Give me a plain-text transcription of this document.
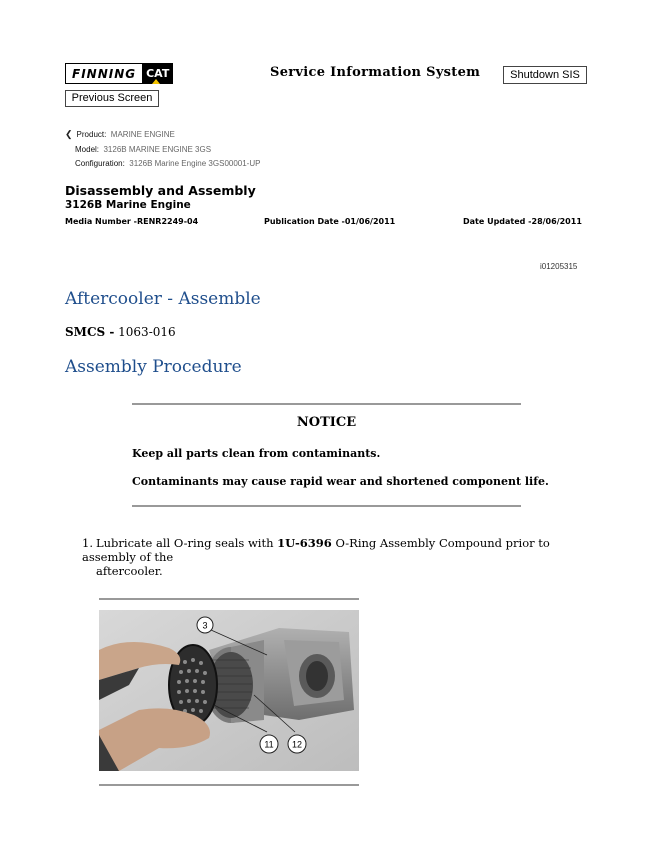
FINNING CAT	Service Information System	Shutdown SIS
Previous Screen
❮ Product: MARINE ENGINE
Model: 3126B MARINE ENGINE 3GS
Configuration: 3126B Marine Engine 3GS00001-UP
Disassembly and Assembly
3126B Marine Engine
Media Number -RENR2249-04	Publication Date -01/06/2011	Date Updated -28/06/2011
i01205315
Aftercooler - Assemble
SMCS - 1063-016
Assembly Procedure
NOTICE
Keep all parts clean from contaminants.
Contaminants may cause rapid wear and shortened component life.
1. Lubricate all O-ring seals with 1U-6396 O-Ring Assembly Compound prior to assembly of the
aftercooler.
3
11 12
